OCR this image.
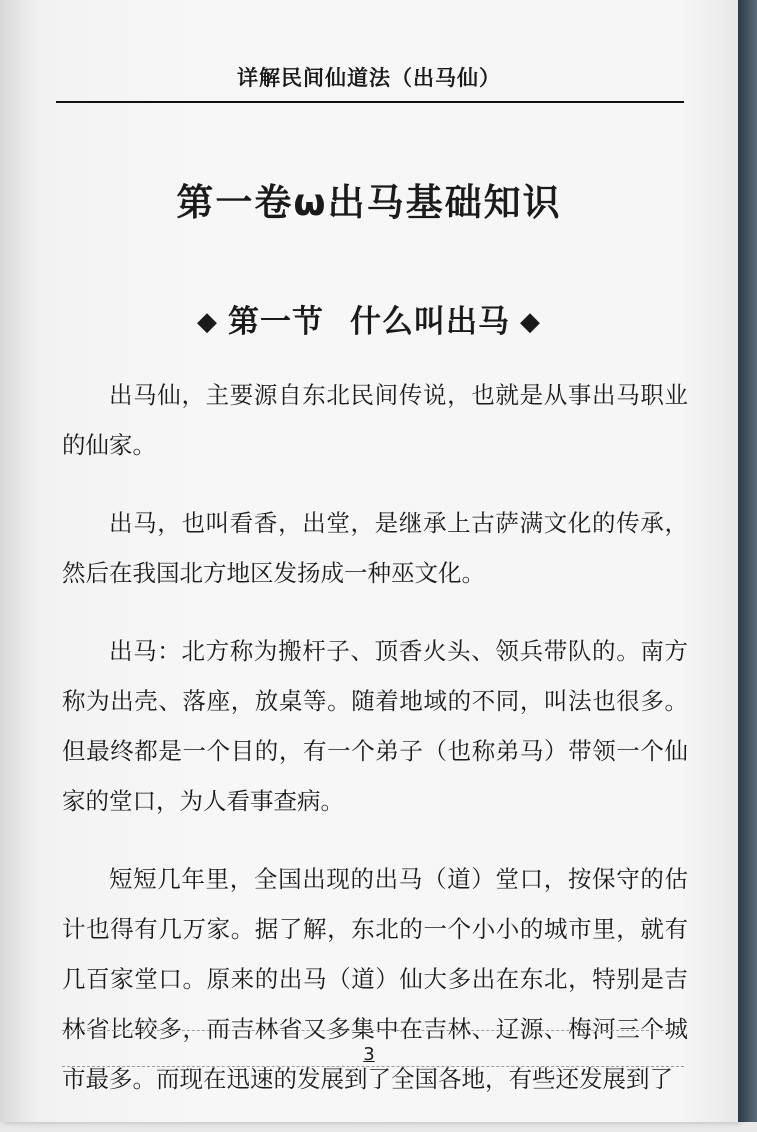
详解民间仙道法（出马仙）
第一卷ω出马基础知识
◆ 第一节 什么叫出马 ◆

出马仙，主要源自东北民间传说，也就是从事出马职业的仙家。

出马，也叫看香，出堂，是继承上古萨满文化的传承，然后在我国北方地区发扬成一种巫文化。

出马：北方称为搬杆子、顶香火头、领兵带队的。南方称为出壳、落座，放桌等。随着地域的不同，叫法也很多。但最终都是一个目的，有一个弟子（也称弟马）带领一个仙家的堂口，为人看事查病。

短短几年里，全国出现的出马（道）堂口，按保守的估计也得有几万家。据了解，东北的一个小小的城市里，就有几百家堂口。原来的出马（道）仙大多出在东北，特别是吉林省比较多，而吉林省又多集中在吉林、辽源、梅河三个城市最多。而现在迅速的发展到了全国各地，有些还发展到了

3
